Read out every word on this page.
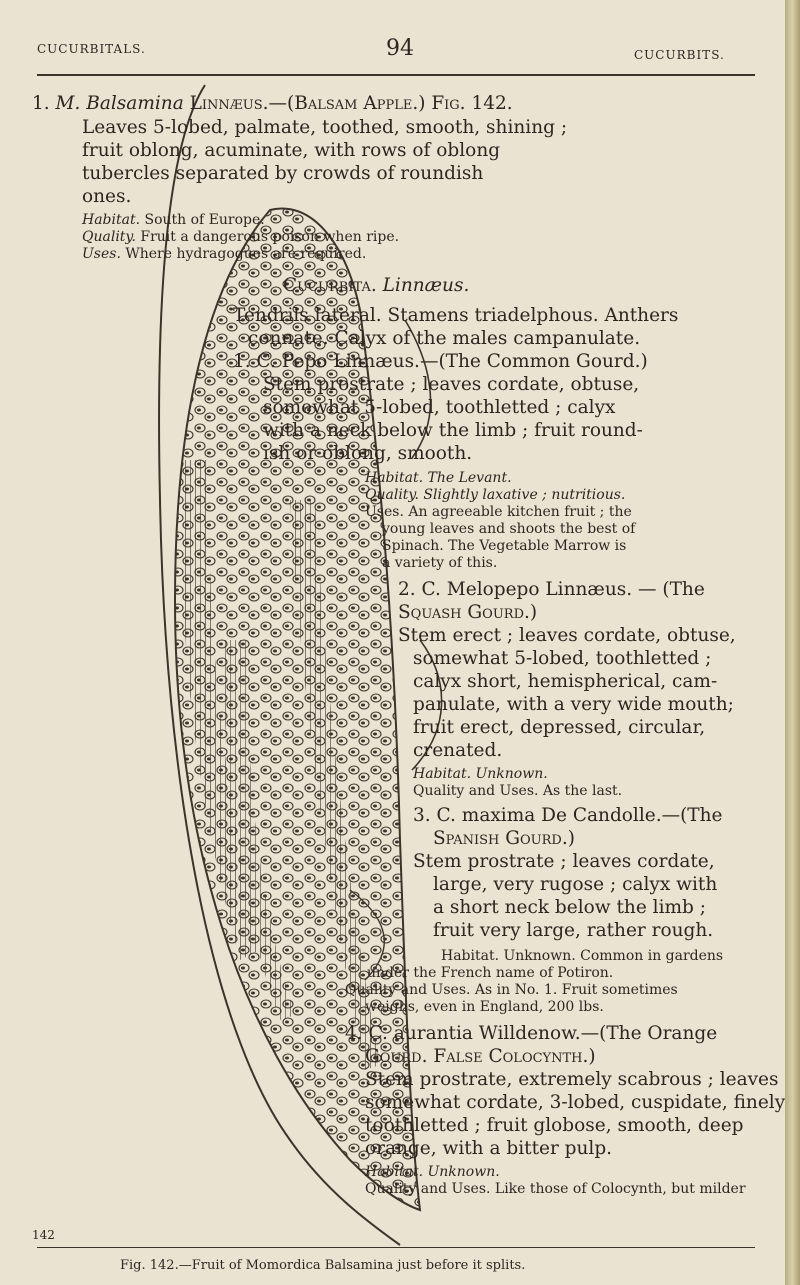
CUCURBITALS.	94	CUCURBITS.
1. M. Balsamina Linnæus.—(Balsam Apple.) Fig. 142.
Leaves 5-lobed, palmate, toothed, smooth, shining ;
fruit oblong, acuminate, with rows of oblong
tubercles separated by crowds of roundish
ones.
Habitat. South of Europe.
Quality. Fruit a dangerous poison when ripe.
Uses. Where hydragogues are required.
Cucurbita. Linnæus.
Tendrils lateral. Stamens triadelphous. Anthers
connate. Calyx of the males campanulate.
1. C. Pepo Linnæus.—(The Common Gourd.)
Stem prostrate ; leaves cordate, obtuse,
somewhat 5-lobed, toothletted ; calyx
with a neck below the limb ; fruit round-
ish or oblong, smooth.
Habitat. The Levant.
Quality. Slightly laxative ; nutritious.
Uses. An agreeable kitchen fruit ; the
young leaves and shoots the best of
Spinach. The Vegetable Marrow is
a variety of this.
2. C. Melopepo Linnæus. — (The
Squash Gourd.)
Stem erect ; leaves cordate, obtuse,
somewhat 5-lobed, toothletted ;
calyx short, hemispherical, cam-
panulate, with a very wide mouth;
fruit erect, depressed, circular,
crenated.
Habitat. Unknown.
Quality and Uses. As the last.
3. C. maxima De Candolle.—(The
Spanish Gourd.)
Stem prostrate ; leaves cordate,
large, very rugose ; calyx with
a short neck below the limb ;
fruit very large, rather rough.
Habitat. Unknown. Common in gardens
under the French name of Potiron.
Quality and Uses. As in No. 1. Fruit sometimes
weighs, even in England, 200 lbs.
4. C. aurantia Willdenow.—(The Orange
Gourd. False Colocynth.)
Stem prostrate, extremely scabrous ; leaves
somewhat cordate, 3-lobed, cuspidate, finely
toothletted ; fruit globose, smooth, deep
orange, with a bitter pulp.
Habitat. Unknown.
Quality and Uses. Like those of Colocynth, but milder
142
Fig. 142.—Fruit of Momordica Balsamina just before it splits.
